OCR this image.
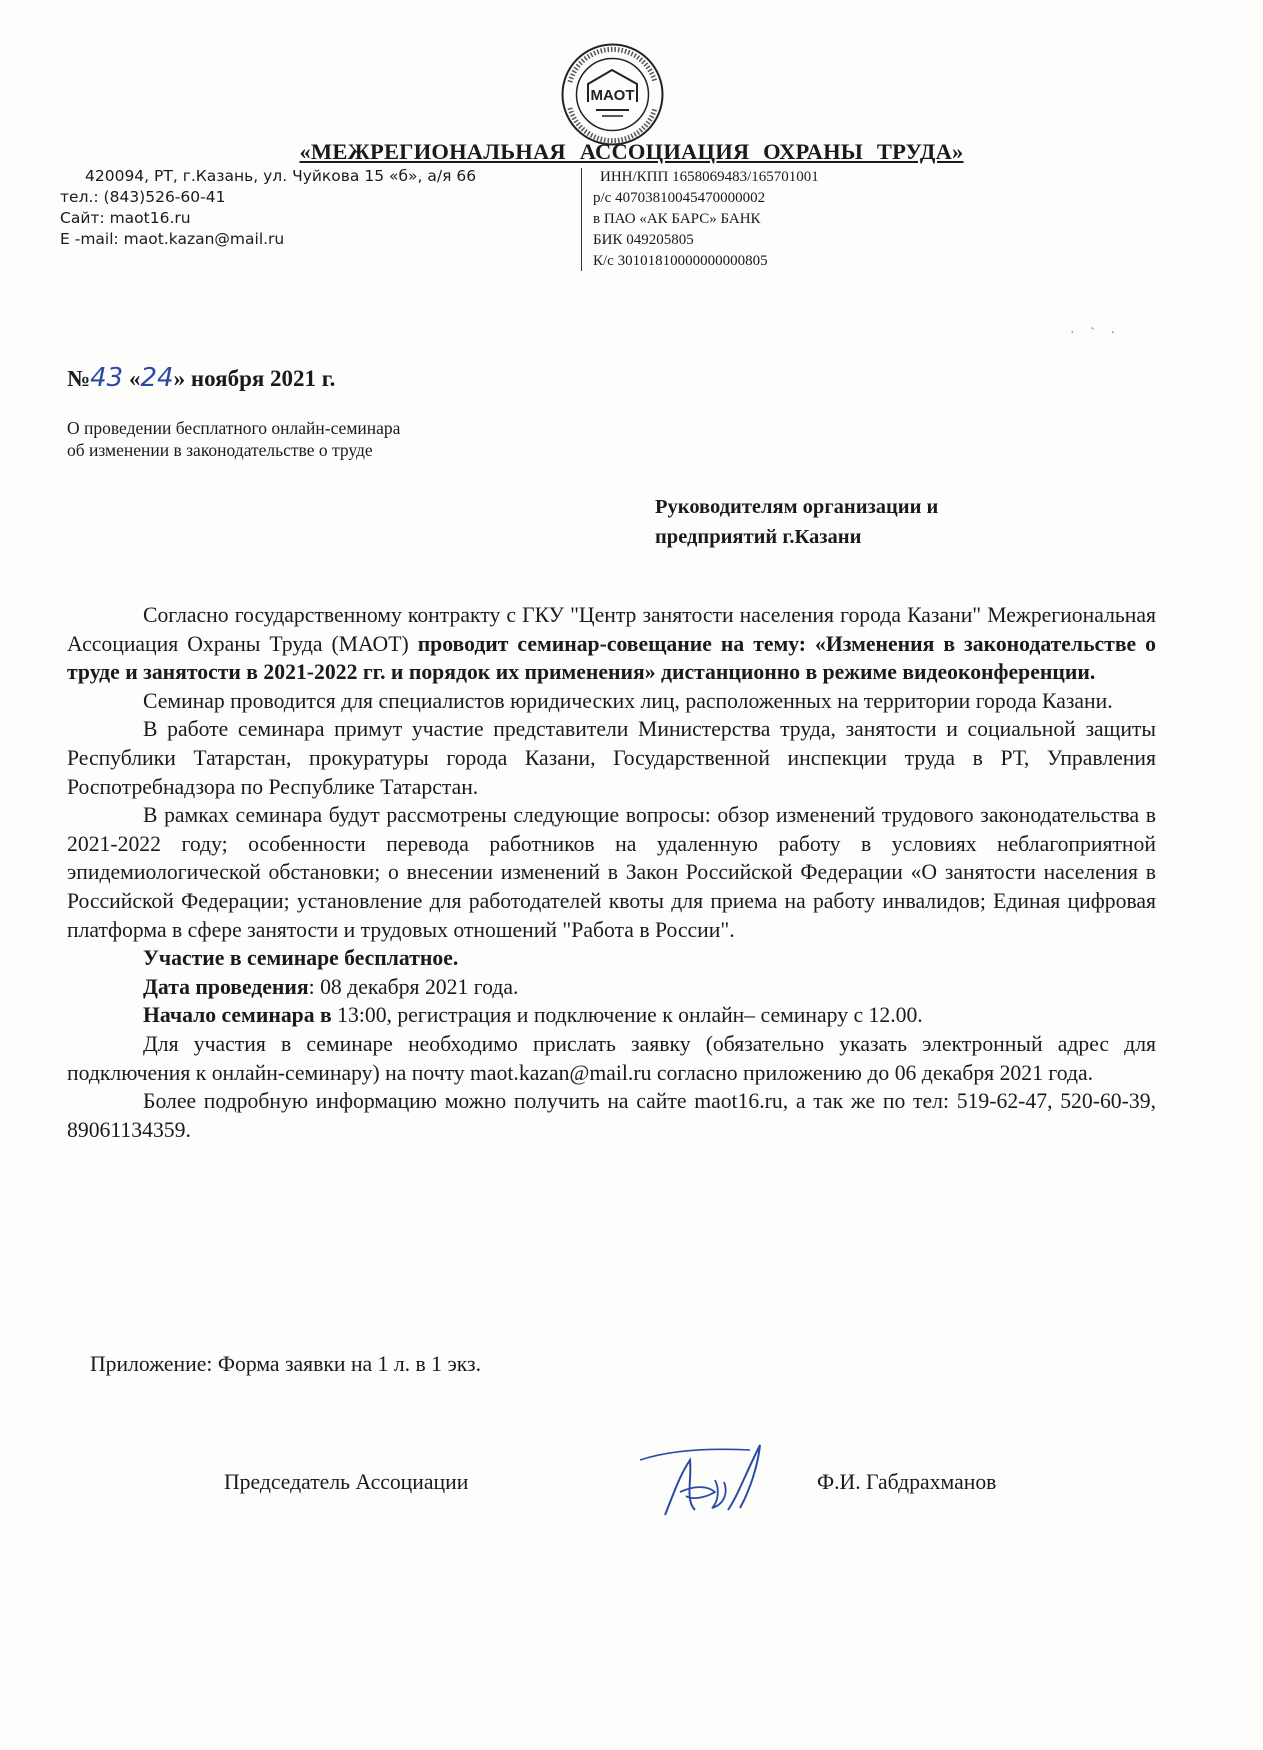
МАОТ
«МЕЖРЕГИОНАЛЬНАЯ АССОЦИАЦИЯ ОХРАНЫ ТРУДА»
420094, РТ, г.Казань, ул. Чуйкова 15 «б», а/я 66
тел.: (843)526-60-41
Сайт: maot16.ru
E -mail: maot.kazan@mail.ru
ИНН/КПП 1658069483/165701001
р/с 40703810045470000002
в ПАО «АК БАРС» БАНК
БИК 049205805
К/с 30101810000000000805
· ` ·
№43 «24» ноября 2021 г.
О проведении бесплатного онлайн-семинара
об изменении в законодательстве о труде
Руководителям организации и
предприятий г.Казани

Согласно государственному контракту с ГКУ "Центр занятости населения города Казани" Межрегиональная Ассоциация Охраны Труда (МАОТ) проводит семинар-совещание на тему: «Изменения в законодательстве о труде и занятости в 2021-2022 гг. и порядок их применения» дистанционно в режиме видеоконференции.

Семинар проводится для специалистов юридических лиц, расположенных на территории города Казани.

В работе семинара примут участие представители Министерства труда, занятости и социальной защиты Республики Татарстан, прокуратуры города Казани, Государственной инспекции труда в РТ, Управления Роспотребнадзора по Республике Татарстан.

В рамках семинара будут рассмотрены следующие вопросы: обзор изменений трудового законодательства в 2021-2022 году; особенности перевода работников на удаленную работу в условиях неблагоприятной эпидемиологической обстановки; о внесении изменений в Закон Российской Федерации «О занятости населения в Российской Федерации; установление для работодателей квоты для приема на работу инвалидов; Единая цифровая платформа в сфере занятости и трудовых отношений "Работа в России".

Участие в семинаре бесплатное.

Дата проведения: 08 декабря 2021 года.

Начало семинара в 13:00, регистрация и подключение к онлайн– семинару с 12.00.

Для участия в семинаре необходимо прислать заявку (обязательно указать электронный адрес для подключения к онлайн-семинару) на почту maot.kazan@mail.ru согласно приложению до 06 декабря 2021 года.

Более подробную информацию можно получить на сайте maot16.ru, а так же по тел: 519-62-47, 520-60-39, 89061134359.

Приложение: Форма заявки на 1 л. в 1 экз.
Председатель Ассоциации	Ф.И. Габдрахманов
